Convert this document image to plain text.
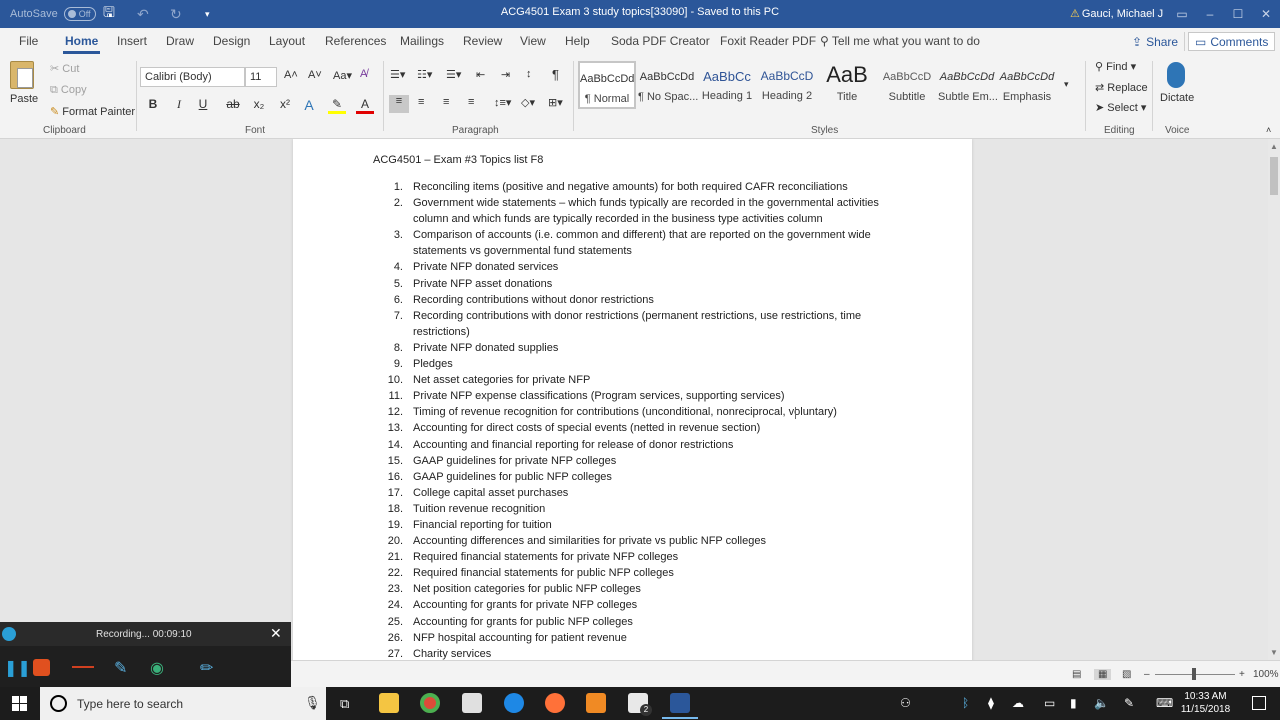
AutoSave	Off 🖫 ↶ ↻	▾	ACG4501 Exam 3 study topics[33090] - Saved to this PC	⚠ Gauci, Michael J	▭	–	☐	✕
File Home Insert Draw Design Layout References Mailings Review View Help Soda PDF Creator Foxit Reader PDF ⚲ Tell me what you want to do	⇪ Share ▭ Comments
Paste
✂ Cut
⧉ Copy
✎ Format Painter
Clipboard
Calibri (Body)	11	A˄ A˅ Aa▾ A̸
B	I	U	ab	x₂	x²	A	✎	A
Font
☰▾ ☷▾ ☰▾ ⇤ ⇥ ↕ ¶
≡	≡ ≡ ≡ ↕≡▾ ◇▾ ⊞▾
Paragraph
AaBbCcDd
¶ Normal
AaBbCcDd
¶ No Spac...
AaBbCc
Heading 1
AaBbCcD
Heading 2
AaB
Title
AaBbCcD
Subtitle
AaBbCcDd
Subtle Em...
AaBbCcDd
Emphasis
▾
Styles
⚲ Find ▾
⇄ Replace
➤ Select ▾
Editing
Dictate
Voice	˄
ACG4501 – Exam #3 Topics list F8
1. Reconciling items (positive and negative amounts) for both required CAFR reconciliations
2. Government wide statements – which funds typically are recorded in the governmental activities column and which funds are typically recorded in the business type activities column
3. Comparison of accounts (i.e. common and different) that are reported on the government wide statements vs governmental fund statements
4. Private NFP donated services
5. Private NFP asset donations
6. Recording contributions without donor restrictions
7. Recording contributions with donor restrictions (permanent restrictions, use restrictions, time restrictions)
8. Private NFP donated supplies
9. Pledges
10. Net asset categories for private NFP
11. Private NFP expense classifications (Program services, supporting services)
12. Timing of revenue recognition for contributions (unconditional, nonreciprocal, voluntary)
13. Accounting for direct costs of special events (netted in revenue section)
14. Accounting and financial reporting for release of donor restrictions
15. GAAP guidelines for private NFP colleges
16. GAAP guidelines for public NFP colleges
17. College capital asset purchases
18. Tuition revenue recognition
19. Financial reporting for tuition
20. Accounting differences and similarities for private vs public NFP colleges
21. Required financial statements for private NFP colleges
22. Required financial statements for public NFP colleges
23. Net position categories for public NFP colleges
24. Accounting for grants for private NFP colleges
25. Accounting for grants for public NFP colleges
26. NFP hospital accounting for patient revenue
27. Charity services
▲
▼
▤	▦	▧ –	+ 100%
Recording... 00:09:10	✕
❚❚	✎ ◉ ✏
Type here to search	🎙 ⧉	2	⚇	ᛒ ⧫ ☁ ▭ ▮ 🔈 ✎ ⌨	10:33 AM
11/15/2018
